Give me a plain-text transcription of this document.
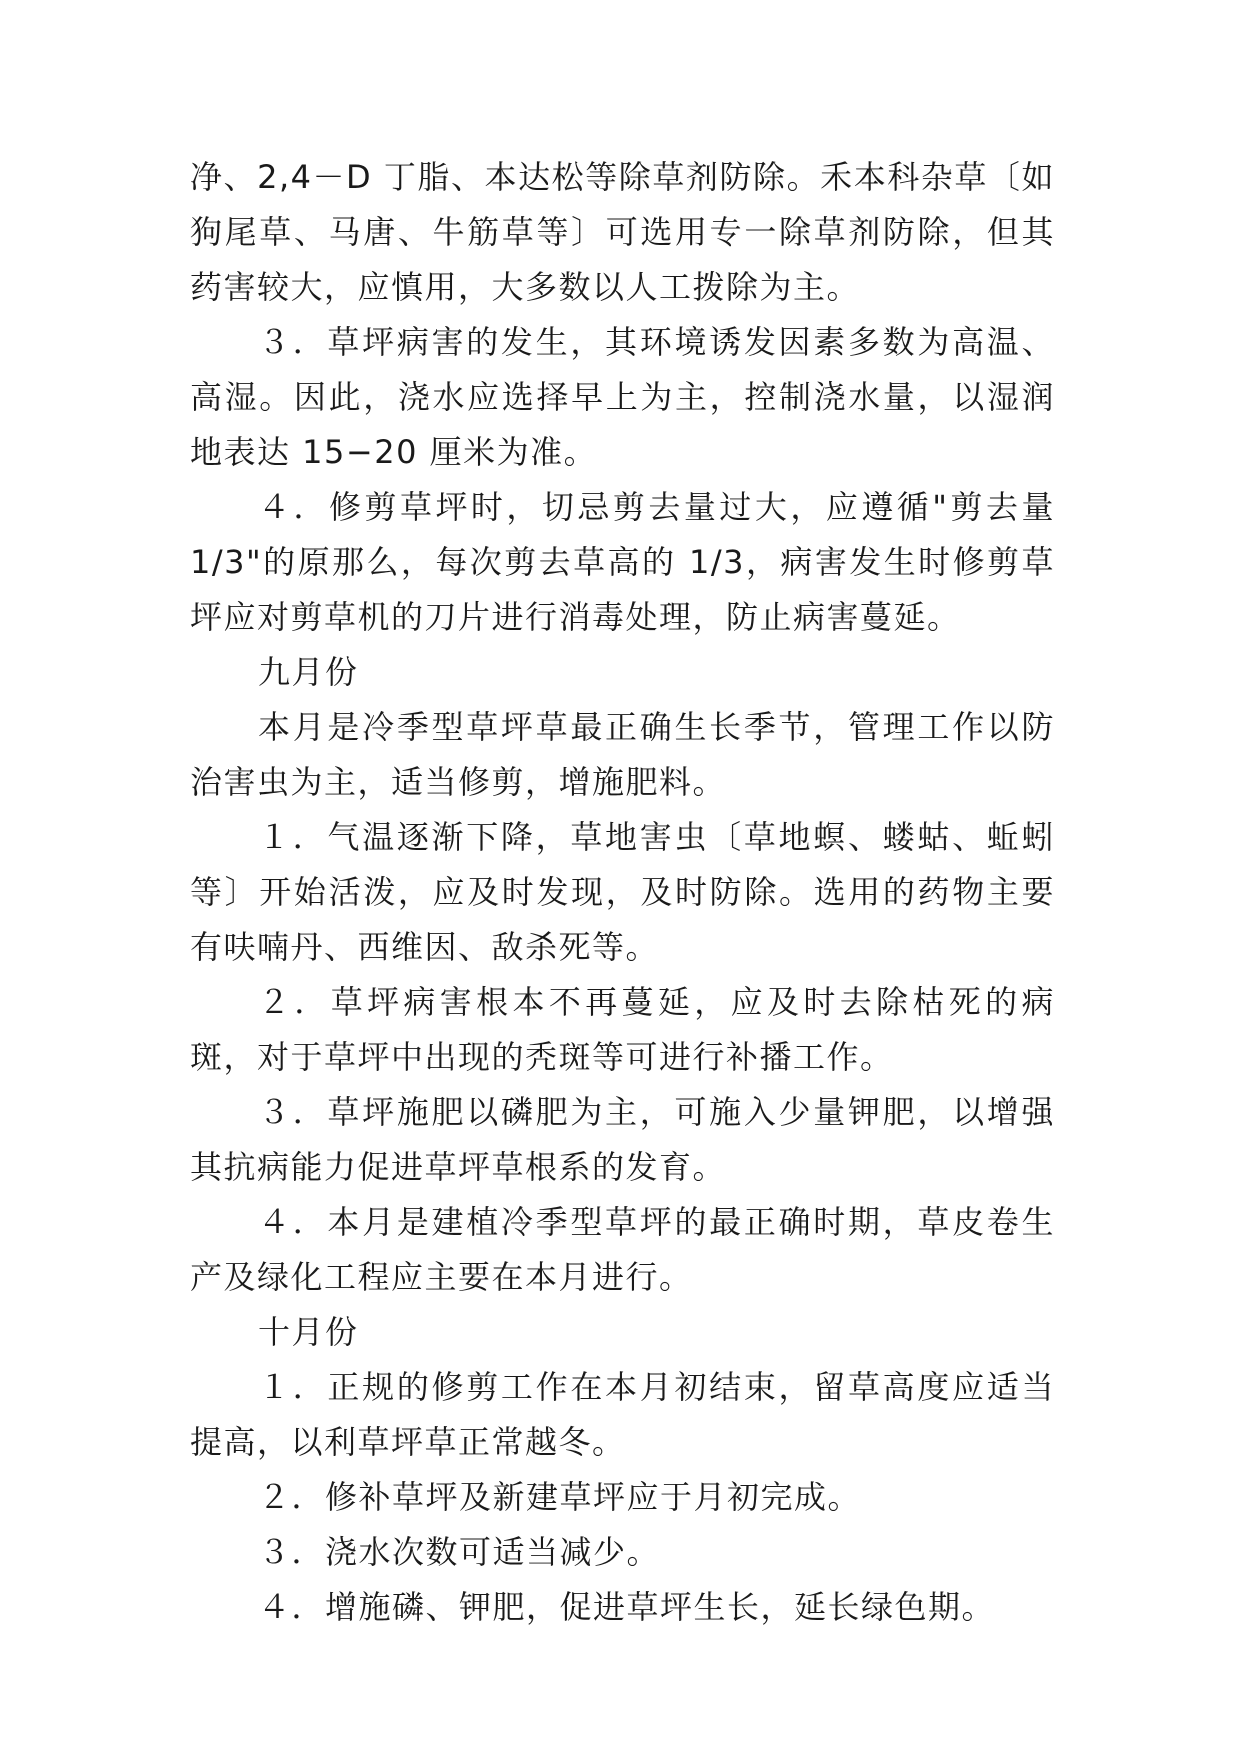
净、2,4－D 丁脂、本达松等除草剂防除。禾本科杂草〔如狗尾草、马唐、牛筋草等〕可选用专一除草剂防除，但其药害较大，应慎用，大多数以人工拨除为主。

３．草坪病害的发生，其环境诱发因素多数为高温、高湿。因此，浇水应选择早上为主，控制浇水量，以湿润地表达 15−20 厘米为准。

４．修剪草坪时，切忌剪去量过大，应遵循"剪去量 1/3"的原那么，每次剪去草高的 1/3，病害发生时修剪草坪应对剪草机的刀片进行消毒处理，防止病害蔓延。

九月份

本月是冷季型草坪草最正确生长季节，管理工作以防治害虫为主，适当修剪，增施肥料。

１．气温逐渐下降，草地害虫〔草地螟、蝼蛄、蚯蚓等〕开始活泼，应及时发现，及时防除。选用的药物主要有呋喃丹、西维因、敌杀死等。

２．草坪病害根本不再蔓延，应及时去除枯死的病斑，对于草坪中出现的秃斑等可进行补播工作。

３．草坪施肥以磷肥为主，可施入少量钾肥，以增强其抗病能力促进草坪草根系的发育。

４．本月是建植冷季型草坪的最正确时期，草皮卷生产及绿化工程应主要在本月进行。

十月份

１．正规的修剪工作在本月初结束，留草高度应适当提高，以利草坪草正常越冬。

２．修补草坪及新建草坪应于月初完成。

３．浇水次数可适当减少。

４．增施磷、钾肥，促进草坪生长，延长绿色期。
